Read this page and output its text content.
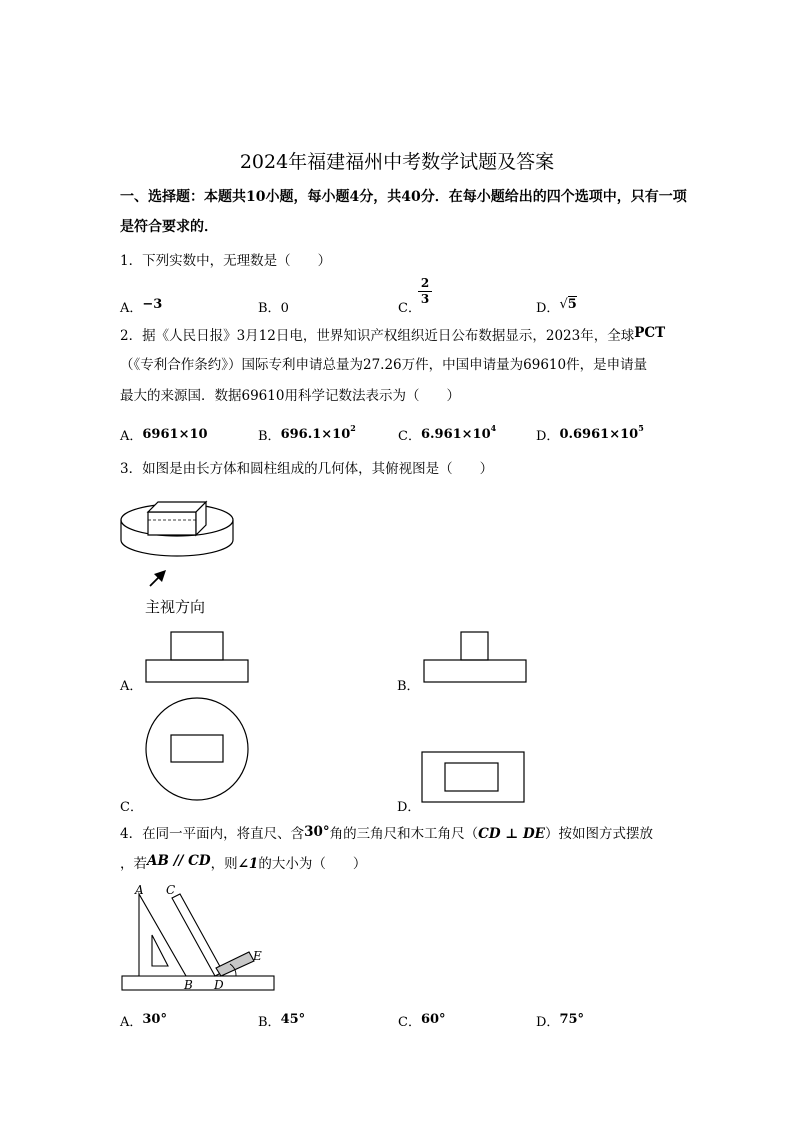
2024年福建福州中考数学试题及答案
一、选择题：本题共10小题，每小题4分，共40分．在每小题给出的四个选项中，只有一项
是符合要求的．
1．下列实数中，无理数是（　　）
A．−3	B．0	C．
2
3
D．√5
2．据《人民日报》3月12日电，世界知识产权组织近日公布数据显示，2023年，全球PCT
（《专利合作条约》）国际专利申请总量为27.26万件，中国申请量为69610件，是申请量
最大的来源国．数据69610用科学记数法表示为（　　）
A．6961×10	B．$696.1\times 10^2$
C．$6.961\times 10^4$
D．$0.6961\times 10^5$
3．如图是由长方体和圆柱组成的几何体，其俯视图是（　　）
主视方向
A．	B．
C．	D．
4．在同一平面内，将直尺、含30°角的三角尺和木工角尺（CD ⊥ DE）按如图方式摆放
，若AB // CD，则∠1的大小为（　　）
A C
E
B D
A．30°	B．45°	C．60°	D．75°
